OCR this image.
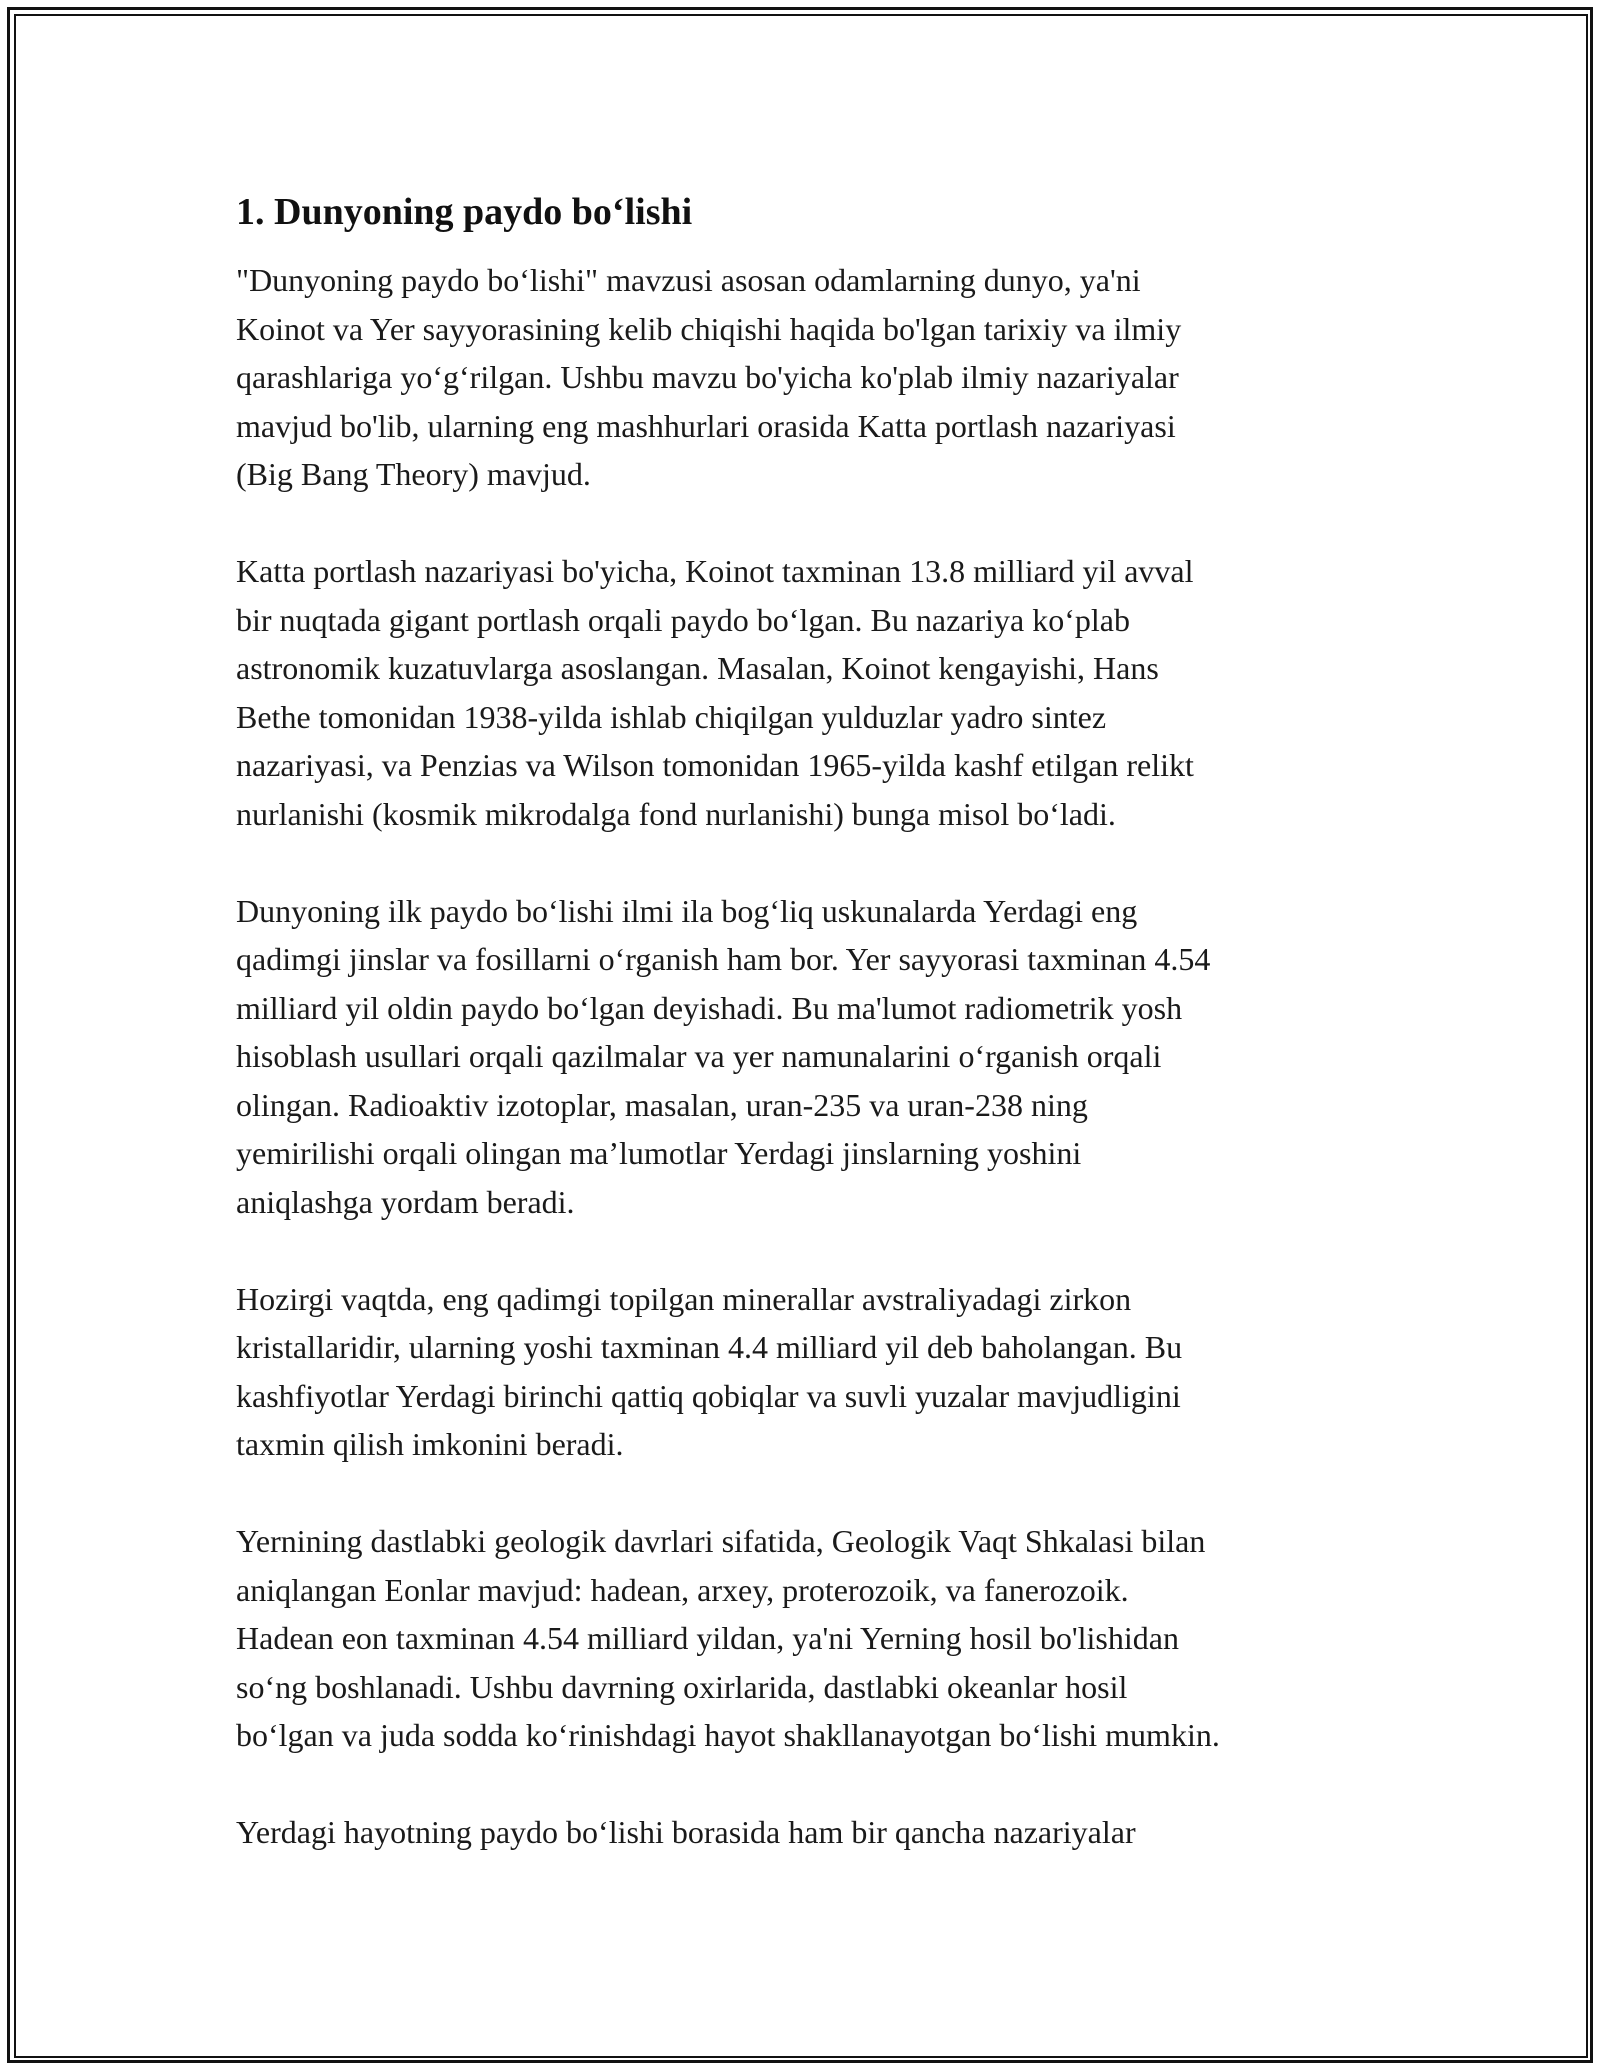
1. Dunyoning paydo bo‘lishi

"Dunyoning paydo bo‘lishi" mavzusi asosan odamlarning dunyo, ya'ni
Koinot va Yer sayyorasining kelib chiqishi haqida bo'lgan tarixiy va ilmiy
qarashlariga yo‘g‘rilgan. Ushbu mavzu bo'yicha ko'plab ilmiy nazariyalar
mavjud bo'lib, ularning eng mashhurlari orasida Katta portlash nazariyasi
(Big Bang Theory) mavjud.

Katta portlash nazariyasi bo'yicha, Koinot taxminan 13.8 milliard yil avval
bir nuqtada gigant portlash orqali paydo bo‘lgan. Bu nazariya ko‘plab
astronomik kuzatuvlarga asoslangan. Masalan, Koinot kengayishi, Hans
Bethe tomonidan 1938-yilda ishlab chiqilgan yulduzlar yadro sintez
nazariyasi, va Penzias va Wilson tomonidan 1965-yilda kashf etilgan relikt
nurlanishi (kosmik mikrodalga fond nurlanishi) bunga misol bo‘ladi.

Dunyoning ilk paydo bo‘lishi ilmi ila bog‘liq uskunalarda Yerdagi eng
qadimgi jinslar va fosillarni o‘rganish ham bor. Yer sayyorasi taxminan 4.54
milliard yil oldin paydo bo‘lgan deyishadi. Bu ma'lumot radiometrik yosh
hisoblash usullari orqali qazilmalar va yer namunalarini o‘rganish orqali
olingan. Radioaktiv izotoplar, masalan, uran-235 va uran-238 ning
yemirilishi orqali olingan ma’lumotlar Yerdagi jinslarning yoshini
aniqlashga yordam beradi.

Hozirgi vaqtda, eng qadimgi topilgan minerallar avstraliyadagi zirkon
kristallaridir, ularning yoshi taxminan 4.4 milliard yil deb baholangan. Bu
kashfiyotlar Yerdagi birinchi qattiq qobiqlar va suvli yuzalar mavjudligini
taxmin qilish imkonini beradi.

Yernining dastlabki geologik davrlari sifatida, Geologik Vaqt Shkalasi bilan
aniqlangan Eonlar mavjud: hadean, arxey, proterozoik, va fanerozoik.
Hadean eon taxminan 4.54 milliard yildan, ya'ni Yerning hosil bo'lishidan
so‘ng boshlanadi. Ushbu davrning oxirlarida, dastlabki okeanlar hosil
bo‘lgan va juda sodda ko‘rinishdagi hayot shakllanayotgan bo‘lishi mumkin.

Yerdagi hayotning paydo bo‘lishi borasida ham bir qancha nazariyalar
